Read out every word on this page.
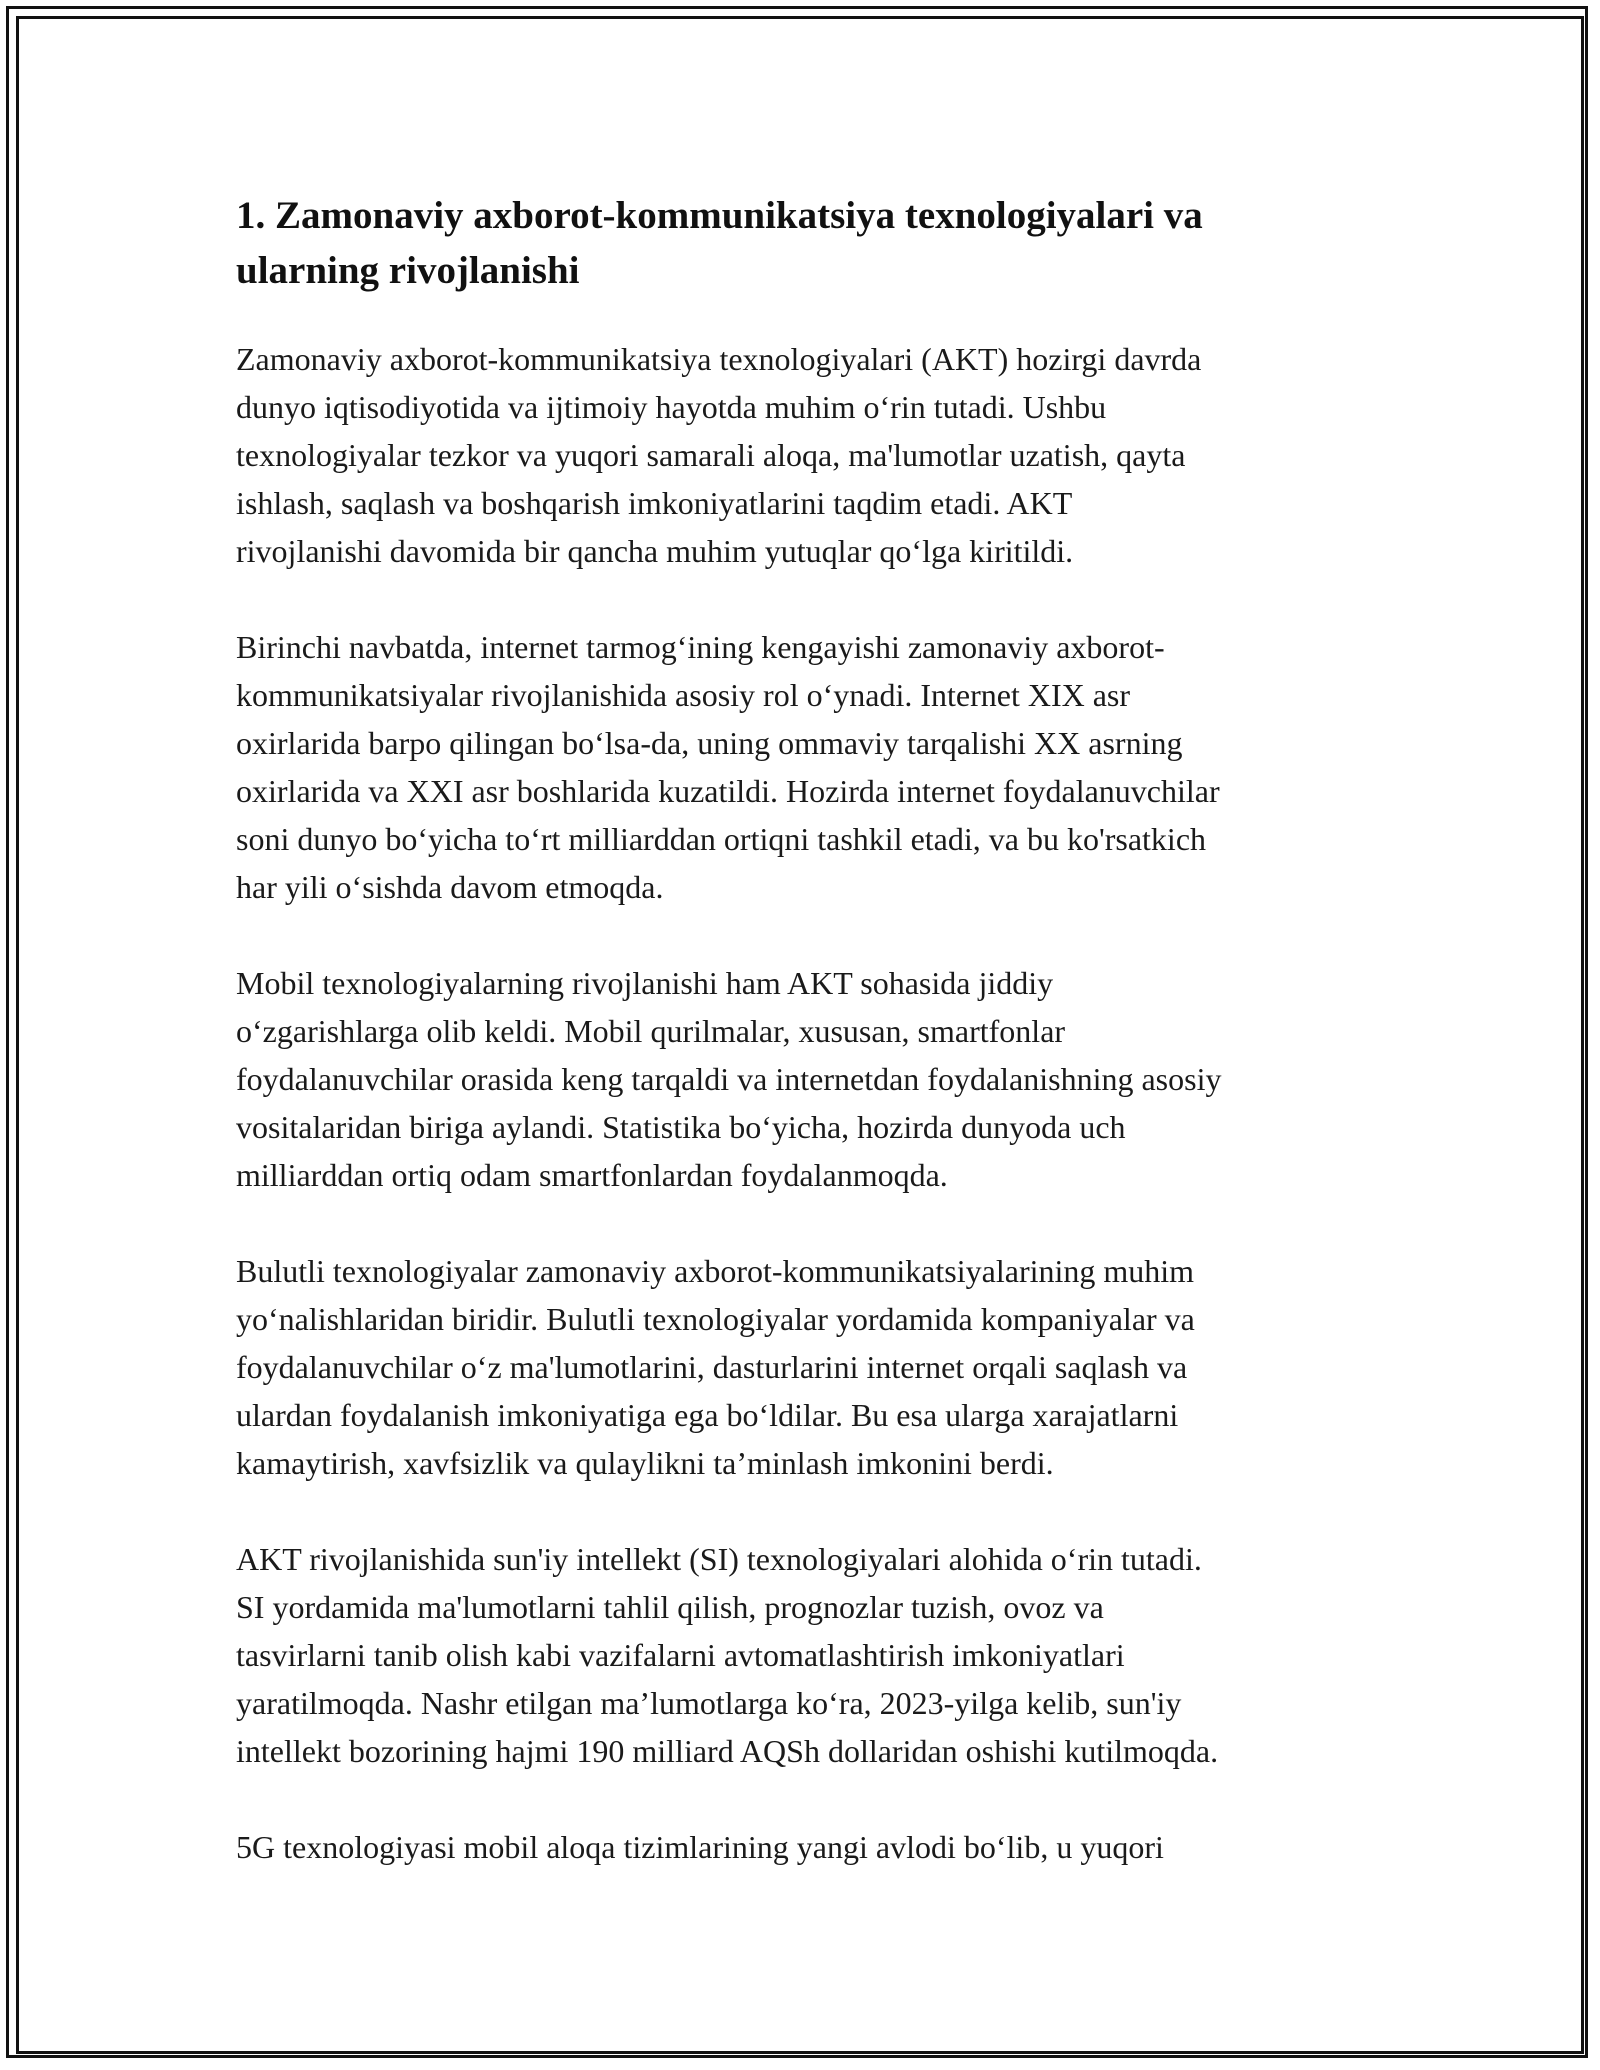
1. Zamonaviy axborot-kommunikatsiya texnologiyalari va
ularning rivojlanishi

Zamonaviy axborot-kommunikatsiya texnologiyalari (AKT) hozirgi davrda
dunyo iqtisodiyotida va ijtimoiy hayotda muhim o‘rin tutadi. Ushbu
texnologiyalar tezkor va yuqori samarali aloqa, ma'lumotlar uzatish, qayta
ishlash, saqlash va boshqarish imkoniyatlarini taqdim etadi. AKT
rivojlanishi davomida bir qancha muhim yutuqlar qo‘lga kiritildi.

Birinchi navbatda, internet tarmog‘ining kengayishi zamonaviy axborot-
kommunikatsiyalar rivojlanishida asosiy rol o‘ynadi. Internet XIX asr
oxirlarida barpo qilingan bo‘lsa-da, uning ommaviy tarqalishi XX asrning
oxirlarida va XXI asr boshlarida kuzatildi. Hozirda internet foydalanuvchilar
soni dunyo bo‘yicha to‘rt milliarddan ortiqni tashkil etadi, va bu ko'rsatkich
har yili o‘sishda davom etmoqda.

Mobil texnologiyalarning rivojlanishi ham AKT sohasida jiddiy
o‘zgarishlarga olib keldi. Mobil qurilmalar, xususan, smartfonlar
foydalanuvchilar orasida keng tarqaldi va internetdan foydalanishning asosiy
vositalaridan biriga aylandi. Statistika bo‘yicha, hozirda dunyoda uch
milliarddan ortiq odam smartfonlardan foydalanmoqda.

Bulutli texnologiyalar zamonaviy axborot-kommunikatsiyalarining muhim
yo‘nalishlaridan biridir. Bulutli texnologiyalar yordamida kompaniyalar va
foydalanuvchilar o‘z ma'lumotlarini, dasturlarini internet orqali saqlash va
ulardan foydalanish imkoniyatiga ega bo‘ldilar. Bu esa ularga xarajatlarni
kamaytirish, xavfsizlik va qulaylikni ta’minlash imkonini berdi.

AKT rivojlanishida sun'iy intellekt (SI) texnologiyalari alohida o‘rin tutadi.
SI yordamida ma'lumotlarni tahlil qilish, prognozlar tuzish, ovoz va
tasvirlarni tanib olish kabi vazifalarni avtomatlashtirish imkoniyatlari
yaratilmoqda. Nashr etilgan ma’lumotlarga ko‘ra, 2023-yilga kelib, sun'iy
intellekt bozorining hajmi 190 milliard AQSh dollaridan oshishi kutilmoqda.

5G texnologiyasi mobil aloqa tizimlarining yangi avlodi bo‘lib, u yuqori
